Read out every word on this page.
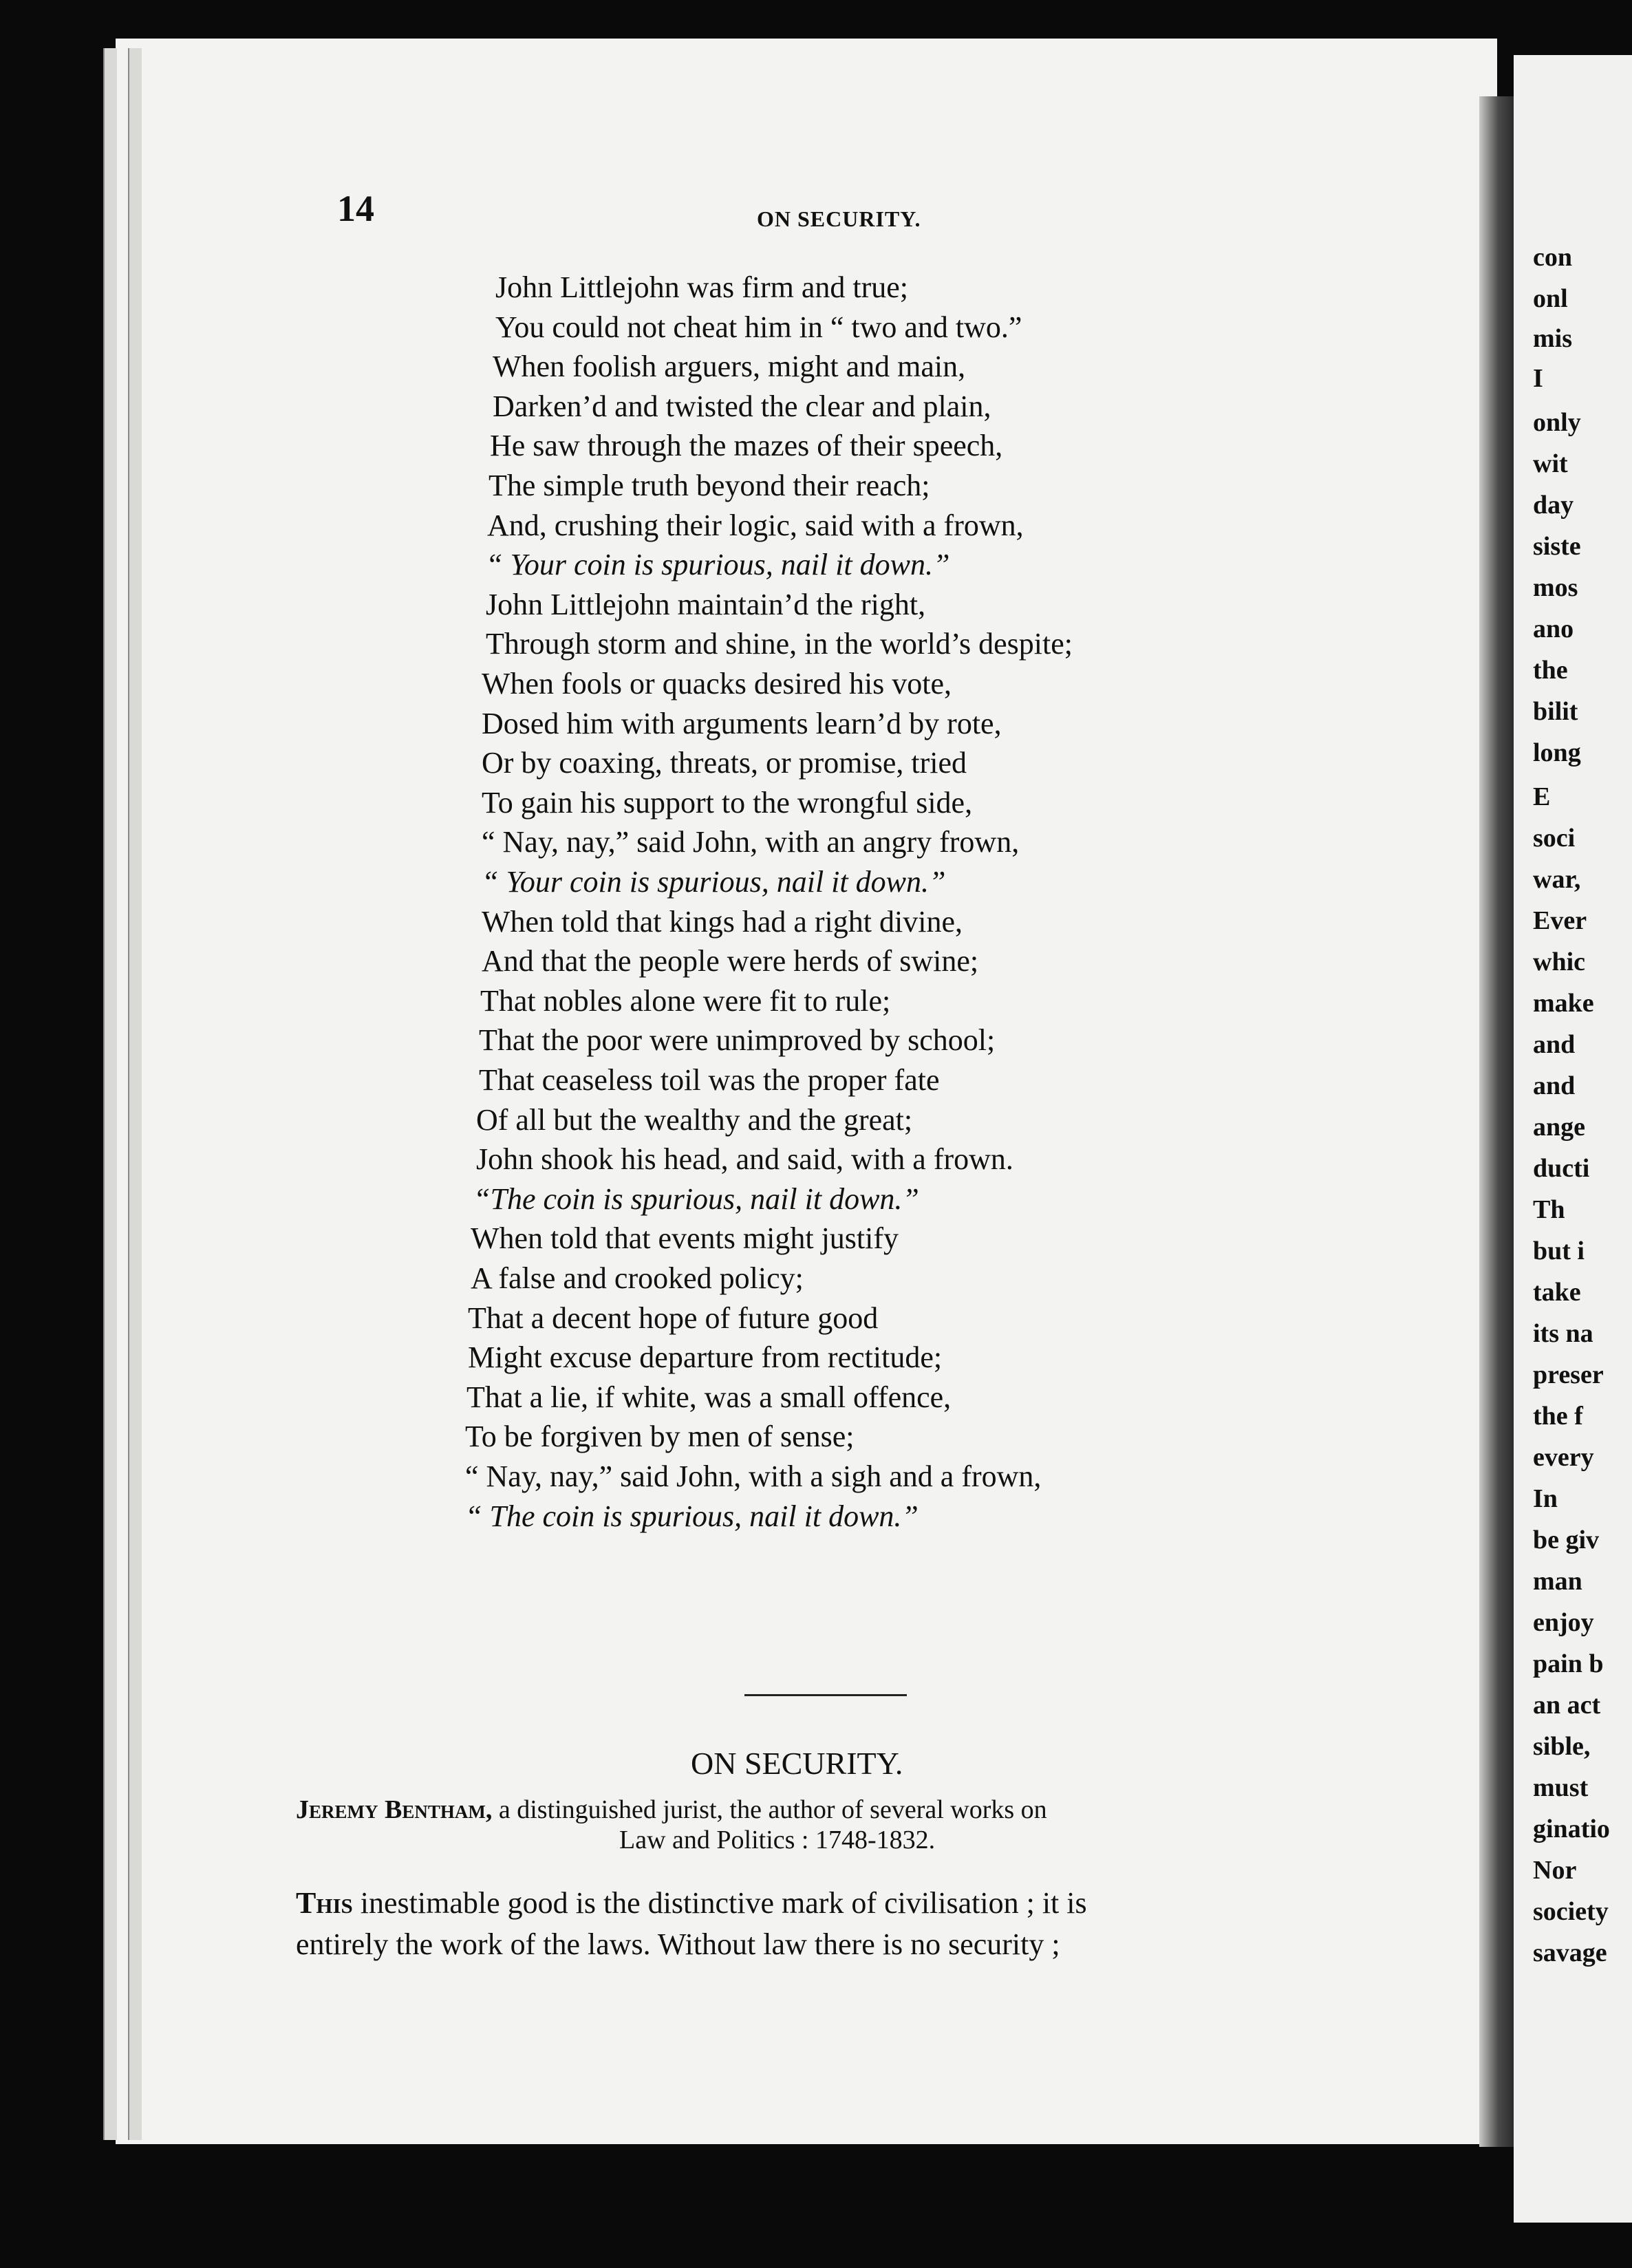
con
onl
mis
I
only
wit
day
siste
mos
ano
the
bilit
long
E
soci
war,
Ever
whic
make
and
and
ange
ducti
Th
but i
take
its na
preser
the f
every
In
be giv
man
enjoy
pain b
an act
sible,
must
ginatio
Nor
society
savage
14	ON SECURITY.
John Littlejohn was firm and true;
You could not cheat him in “ two and two.”
When foolish arguers, might and main,
Darken’d and twisted the clear and plain,
He saw through the mazes of their speech,
The simple truth beyond their reach;
And, crushing their logic, said with a frown,
“ Your coin is spurious, nail it down.”
John Littlejohn maintain’d the right,
Through storm and shine, in the world’s despite;
When fools or quacks desired his vote,
Dosed him with arguments learn’d by rote,
Or by coaxing, threats, or promise, tried
To gain his support to the wrongful side,
“ Nay, nay,” said John, with an angry frown,
“ Your coin is spurious, nail it down.”
When told that kings had a right divine,
And that the people were herds of swine;
That nobles alone were fit to rule;
That the poor were unimproved by school;
That ceaseless toil was the proper fate
Of all but the wealthy and the great;
John shook his head, and said, with a frown.
“The coin is spurious, nail it down.”
When told that events might justify
A false and crooked policy;
That a decent hope of future good
Might excuse departure from rectitude;
That a lie, if white, was a small offence,
To be forgiven by men of sense;
“ Nay, nay,” said John, with a sigh and a frown,
“ The coin is spurious, nail it down.”
ON SECURITY.
Jeremy Bentham, a distinguished jurist, the author of several works on
Law and Politics : 1748-1832.
This inestimable good is the distinctive mark of civilisation ; it is
entirely the work of the laws. Without law there is no security ;
